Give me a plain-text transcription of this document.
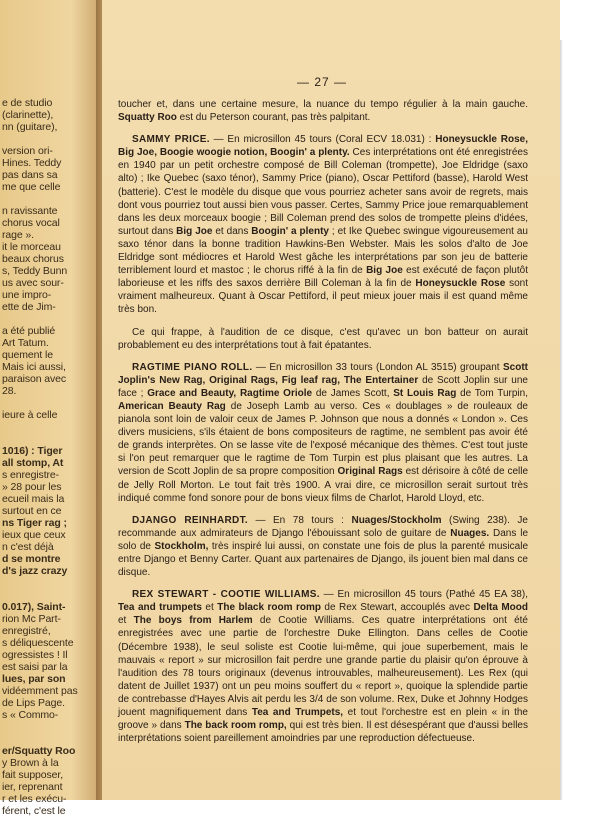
e de studio
(clarinette),
nn (guitare),
version ori-
Hines. Teddy
pas dans sa
me que celle
n ravissante
chorus vocal
rage ».
it le morceau
beaux chorus
s, Teddy Bunn
us avec sour-
une impro-
ette de Jim-
a été publié
Art Tatum.
quement le
Mais ici aussi,
paraison avec
28.
ieure à celle
1016) : Tiger
all stomp, At
s enregistre-
» 28 pour les
ecueil mais la
surtout en ce
ns Tiger rag ;
ieux que ceux
n c'est déjà
d se montre
d's jazz crazy
0.017), Saint-
rion Mc Part-
enregistré,
s déliquescente
ogressistes ! Il
est saisi par la
lues, par son
vidéemment pas
de Lips Page.
s « Commo-
er/Squatty Roo
y Brown à la
fait supposer,
ier, reprenant
r et les exécu-
férent, c'est le
— 27 —

toucher et, dans une certaine mesure, la nuance du tempo régulier à la main gauche. Squatty Roo est du Peterson courant, pas très palpitant.

SAMMY PRICE. — En microsillon 45 tours (Coral ECV 18.031) : Honeysuckle Rose, Big Joe, Boogie woogie notion, Boogin' a plenty. Ces interprétations ont été enregistrées en 1940 par un petit orchestre composé de Bill Coleman (trompette), Joe Eldridge (saxo alto) ; Ike Quebec (saxo ténor), Sammy Price (piano), Oscar Pettiford (basse), Harold West (batterie). C'est le modèle du disque que vous pourriez acheter sans avoir de regrets, mais dont vous pourriez tout aussi bien vous passer. Certes, Sammy Price joue remarquablement dans les deux morceaux boogie ; Bill Coleman prend des solos de trompette pleins d'idées, surtout dans Big Joe et dans Boogin' a plenty ; et Ike Quebec swingue vigoureusement au saxo ténor dans la bonne tradition Hawkins-Ben Webster. Mais les solos d'alto de Joe Eldridge sont médiocres et Harold West gâche les interprétations par son jeu de batterie terriblement lourd et mastoc ; le chorus riffé à la fin de Big Joe est exécuté de façon plutôt laborieuse et les riffs des saxos derrière Bill Coleman à la fin de Honeysuckle Rose sont vraiment malheureux. Quant à Oscar Pettiford, il peut mieux jouer mais il est quand même très bon.

Ce qui frappe, à l'audition de ce disque, c'est qu'avec un bon batteur on aurait probablement eu des interprétations tout à fait épatantes.

RAGTIME PIANO ROLL. — En microsillon 33 tours (London AL 3515) groupant Scott Joplin's New Rag, Original Rags, Fig leaf rag, The Entertainer de Scott Joplin sur une face ; Grace and Beauty, Ragtime Oriole de James Scott, St Louis Rag de Tom Turpin, American Beauty Rag de Joseph Lamb au verso. Ces « doublages » de rouleaux de pianola sont loin de valoir ceux de James P. Johnson que nous a donnés « London ». Ces divers musiciens, s'ils étaient de bons compositeurs de ragtime, ne semblent pas avoir été de grands interprètes. On se lasse vite de l'exposé mécanique des thèmes. C'est tout juste si l'on peut remarquer que le ragtime de Tom Turpin est plus plaisant que les autres. La version de Scott Joplin de sa propre composition Original Rags est dérisoire à côté de celle de Jelly Roll Morton. Le tout fait très 1900. A vrai dire, ce microsillon serait surtout très indiqué comme fond sonore pour de bons vieux films de Charlot, Harold Lloyd, etc.

DJANGO REINHARDT. — En 78 tours : Nuages/Stockholm (Swing 238). Je recommande aux admirateurs de Django l'ébouissant solo de guitare de Nuages. Dans le solo de Stockholm, très inspiré lui aussi, on constate une fois de plus la parenté musicale entre Django et Benny Carter. Quant aux partenaires de Django, ils jouent bien mal dans ce disque.

REX STEWART - COOTIE WILLIAMS. — En microsillon 45 tours (Pathé 45 EA 38), Tea and trumpets et The black room romp de Rex Stewart, accouplés avec Delta Mood et The boys from Harlem de Cootie Williams. Ces quatre interprétations ont été enregistrées avec une partie de l'orchestre Duke Ellington. Dans celles de Cootie (Décembre 1938), le seul soliste est Cootie lui-même, qui joue superbement, mais le mauvais « report » sur microsillon fait perdre une grande partie du plaisir qu'on éprouve à l'audition des 78 tours originaux (devenus introuvables, malheureusement). Les Rex (qui datent de Juillet 1937) ont un peu moins souffert du « report », quoique la splendide partie de contrebasse d'Hayes Alvis ait perdu les 3/4 de son volume. Rex, Duke et Johnny Hodges jouent magnifiquement dans Tea and Trumpets, et tout l'orchestre est en plein « in the groove » dans The back room romp, qui est très bien. Il est désespérant que d'aussi belles interprétations soient pareillement amoindries par une reproduction défectueuse.
